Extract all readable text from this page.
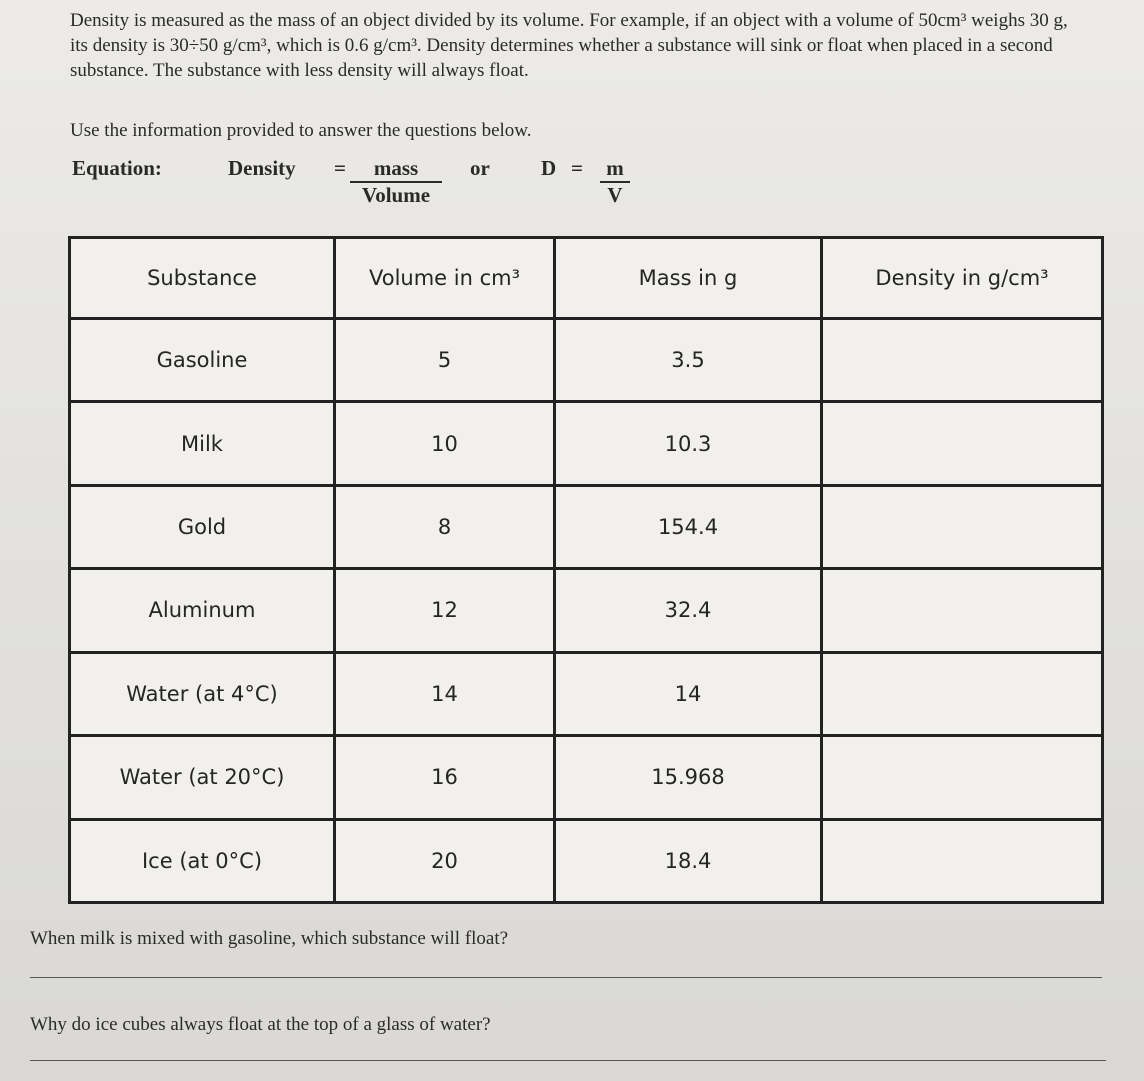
Density is measured as the mass of an object divided by its volume. For example, if an object with a volume of 50cm³ weighs 30 g, its density is 30÷50 g/cm³, which is 0.6 g/cm³. Density determines whether a substance will sink or float when placed in a second substance. The substance with less density will always float.

Use the information provided to answer the questions below.
Equation:	Density =	mass
Volume
or $D = \frac{m}{V}$
Substance	Volume in cm³	Mass in g	Density in g/cm³
Gasoline	5	3.5	
Milk	10	10.3	
Gold	8	154.4	
Aluminum	12	32.4	
Water (at 4°C)	14	14	
Water (at 20°C)	16	15.968	
Ice (at 0°C)	20	18.4	
When milk is mixed with gasoline, which substance will float?
Why do ice cubes always float at the top of a glass of water?
